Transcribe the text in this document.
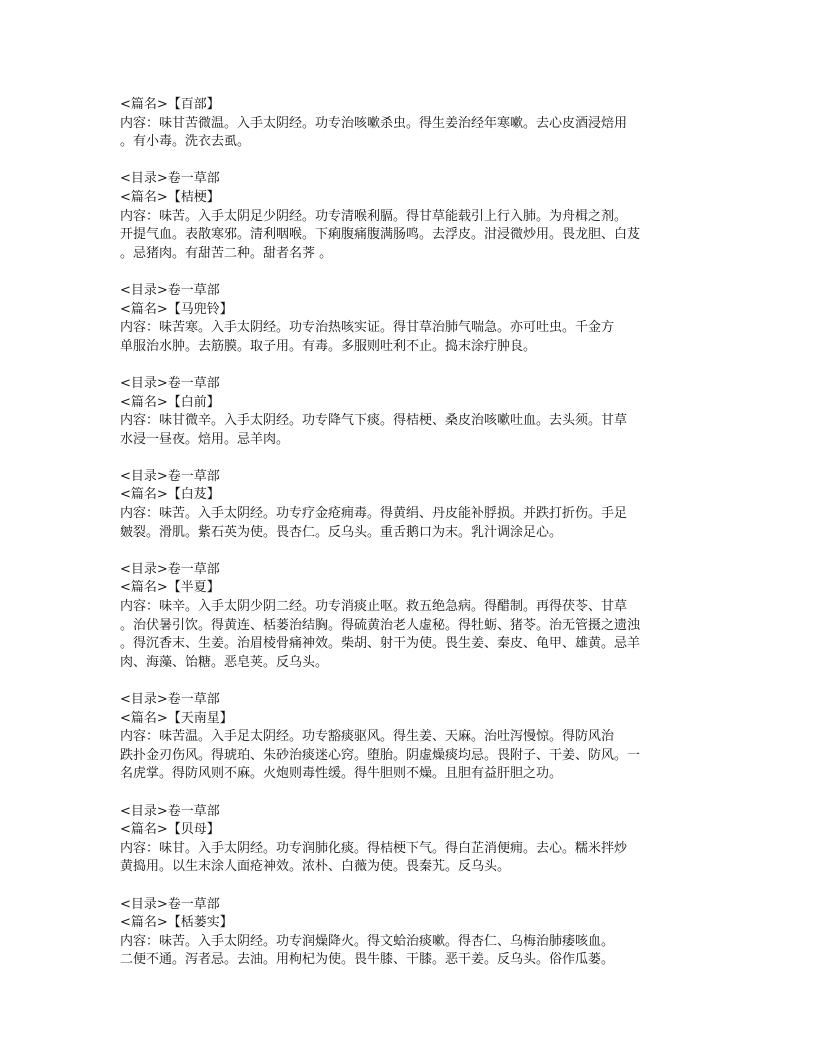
<篇名>【百部】
内容：味甘苦微温。入手太阴经。功专治咳嗽杀虫。得生姜治经年寒嗽。去心皮酒浸焙用
。有小毒。洗衣去虱。
<目录>卷一草部
<篇名>【桔梗】
内容：味苦。入手太阴足少阴经。功专清喉利膈。得甘草能载引上行入肺。为舟楫之剂。
开提气血。表散寒邪。清利咽喉。下痢腹痛腹满肠鸣。去浮皮。泔浸微炒用。畏龙胆、白芨
。忌猪肉。有甜苦二种。甜者名荠 。
<目录>卷一草部
<篇名>【马兜铃】
内容：味苦寒。入手太阴经。功专治热咳实证。得甘草治肺气喘急。亦可吐虫。千金方
单服治水肿。去筋膜。取子用。有毒。多服则吐利不止。捣末涂疔肿良。
<目录>卷一草部
<篇名>【白前】
内容：味甘微辛。入手太阴经。功专降气下痰。得桔梗、桑皮治咳嗽吐血。去头须。甘草
水浸一昼夜。焙用。忌羊肉。
<目录>卷一草部
<篇名>【白芨】
内容：味苦。入手太阴经。功专疗金疮痈毒。得黄绢、丹皮能补脬损。并跌打折伤。手足
皴裂。滑肌。紫石英为使。畏杏仁。反乌头。重舌鹅口为末。乳汁调涂足心。
<目录>卷一草部
<篇名>【半夏】
内容：味辛。入手太阴少阴二经。功专消痰止呕。救五绝急病。得醋制。再得茯苓、甘草
。治伏暑引饮。得黄连、栝蒌治结胸。得硫黄治老人虚秘。得牡蛎、猪苓。治无管摄之遗浊
。得沉香末、生姜。治眉棱骨痛神效。柴胡、射干为使。畏生姜、秦皮、龟甲、雄黄。忌羊
肉、海藻、饴糖。恶皂荚。反乌头。
<目录>卷一草部
<篇名>【天南星】
内容：味苦温。入手足太阴经。功专豁痰驱风。得生姜、天麻。治吐泻慢惊。得防风治
跌扑金刃伤风。得琥珀、朱砂治痰迷心窍。堕胎。阴虚燥痰均忌。畏附子、干姜、防风。一
名虎掌。得防风则不麻。火炮则毒性缓。得牛胆则不燥。且胆有益肝胆之功。
<目录>卷一草部
<篇名>【贝母】
内容：味甘。入手太阴经。功专润肺化痰。得桔梗下气。得白芷消便痈。去心。糯米拌炒
黄捣用。以生末涂人面疮神效。浓朴、白薇为使。畏秦艽。反乌头。
<目录>卷一草部
<篇名>【栝蒌实】
内容：味苦。入手太阴经。功专润燥降火。得文蛤治痰嗽。得杏仁、乌梅治肺痿咳血。
二便不通。泻者忌。去油。用枸杞为使。畏牛膝、干膝。恶干姜。反乌头。俗作瓜蒌。
